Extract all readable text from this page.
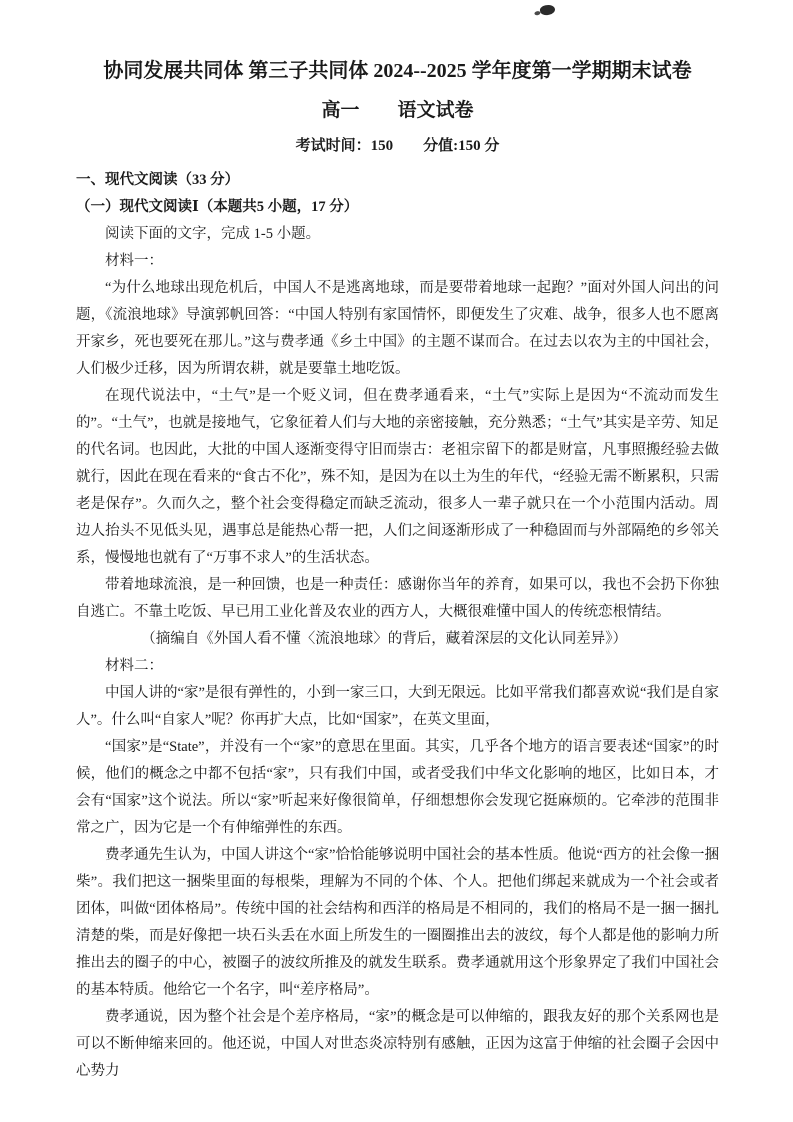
协同发展共同体 第三子共同体 2024--2025 学年度第一学期期末试卷
高一　　语文试卷
考试时间：150　　分值:150 分
一、现代文阅读（33 分）
（一）现代文阅读Ⅰ（本题共5 小题，17 分）

阅读下面的文字，完成 1-5 小题。

材料一：

“为什么地球出现危机后，中国人不是逃离地球，而是要带着地球一起跑？”面对外国人问出的问题，《流浪地球》导演郭帆回答：“中国人特别有家国情怀，即便发生了灾难、战争，很多人也不愿离开家乡，死也要死在那儿。”这与费孝通《乡土中国》的主题不谋而合。在过去以农为主的中国社会，人们极少迁移，因为所谓农耕，就是要靠土地吃饭。

在现代说法中，“土气”是一个贬义词，但在费孝通看来，“土气”实际上是因为“不流动而发生的”。“土气”，也就是接地气，它象征着人们与大地的亲密接触，充分熟悉；“土气”其实是辛劳、知足的代名词。也因此，大批的中国人逐渐变得守旧而崇古：老祖宗留下的都是财富，凡事照搬经验去做就行，因此在现在看来的“食古不化”，殊不知，是因为在以土为生的年代，“经验无需不断累积，只需老是保存”。久而久之，整个社会变得稳定而缺乏流动，很多人一辈子就只在一个小范围内活动。周边人抬头不见低头见，遇事总是能热心帮一把，人们之间逐渐形成了一种稳固而与外部隔绝的乡邻关系，慢慢地也就有了“万事不求人”的生活状态。

带着地球流浪，是一种回馈，也是一种责任：感谢你当年的养育，如果可以，我也不会扔下你独自逃亡。不靠土吃饭、早已用工业化普及农业的西方人，大概很难懂中国人的传统恋根情结。

（摘编自《外国人看不懂〈流浪地球〉的背后，藏着深层的文化认同差异》）

材料二：

中国人讲的“家”是很有弹性的，小到一家三口，大到无限远。比如平常我们都喜欢说“我们是自家人”。什么叫“自家人”呢？你再扩大点，比如“国家”，在英文里面，

“国家”是“State”，并没有一个“家”的意思在里面。其实，几乎各个地方的语言要表述“国家”的时候，他们的概念之中都不包括“家”，只有我们中国，或者受我们中华文化影响的地区，比如日本，才会有“国家”这个说法。所以“家”听起来好像很简单，仔细想想你会发现它挺麻烦的。它牵涉的范围非常之广，因为它是一个有伸缩弹性的东西。

费孝通先生认为，中国人讲这个“家”恰恰能够说明中国社会的基本性质。他说“西方的社会像一捆柴”。我们把这一捆柴里面的每根柴，理解为不同的个体、个人。把他们绑起来就成为一个社会或者团体，叫做“团体格局”。传统中国的社会结构和西洋的格局是不相同的，我们的格局不是一捆一捆扎清楚的柴，而是好像把一块石头丢在水面上所发生的一圈圈推出去的波纹，每个人都是他的影响力所推出去的圈子的中心，被圈子的波纹所推及的就发生联系。费孝通就用这个形象界定了我们中国社会的基本特质。他给它一个名字，叫“差序格局”。

费孝通说，因为整个社会是个差序格局，“家”的概念是可以伸缩的，跟我友好的那个关系网也是可以不断伸缩来回的。他还说，中国人对世态炎凉特别有感触，正因为这富于伸缩的社会圈子会因中心势力
